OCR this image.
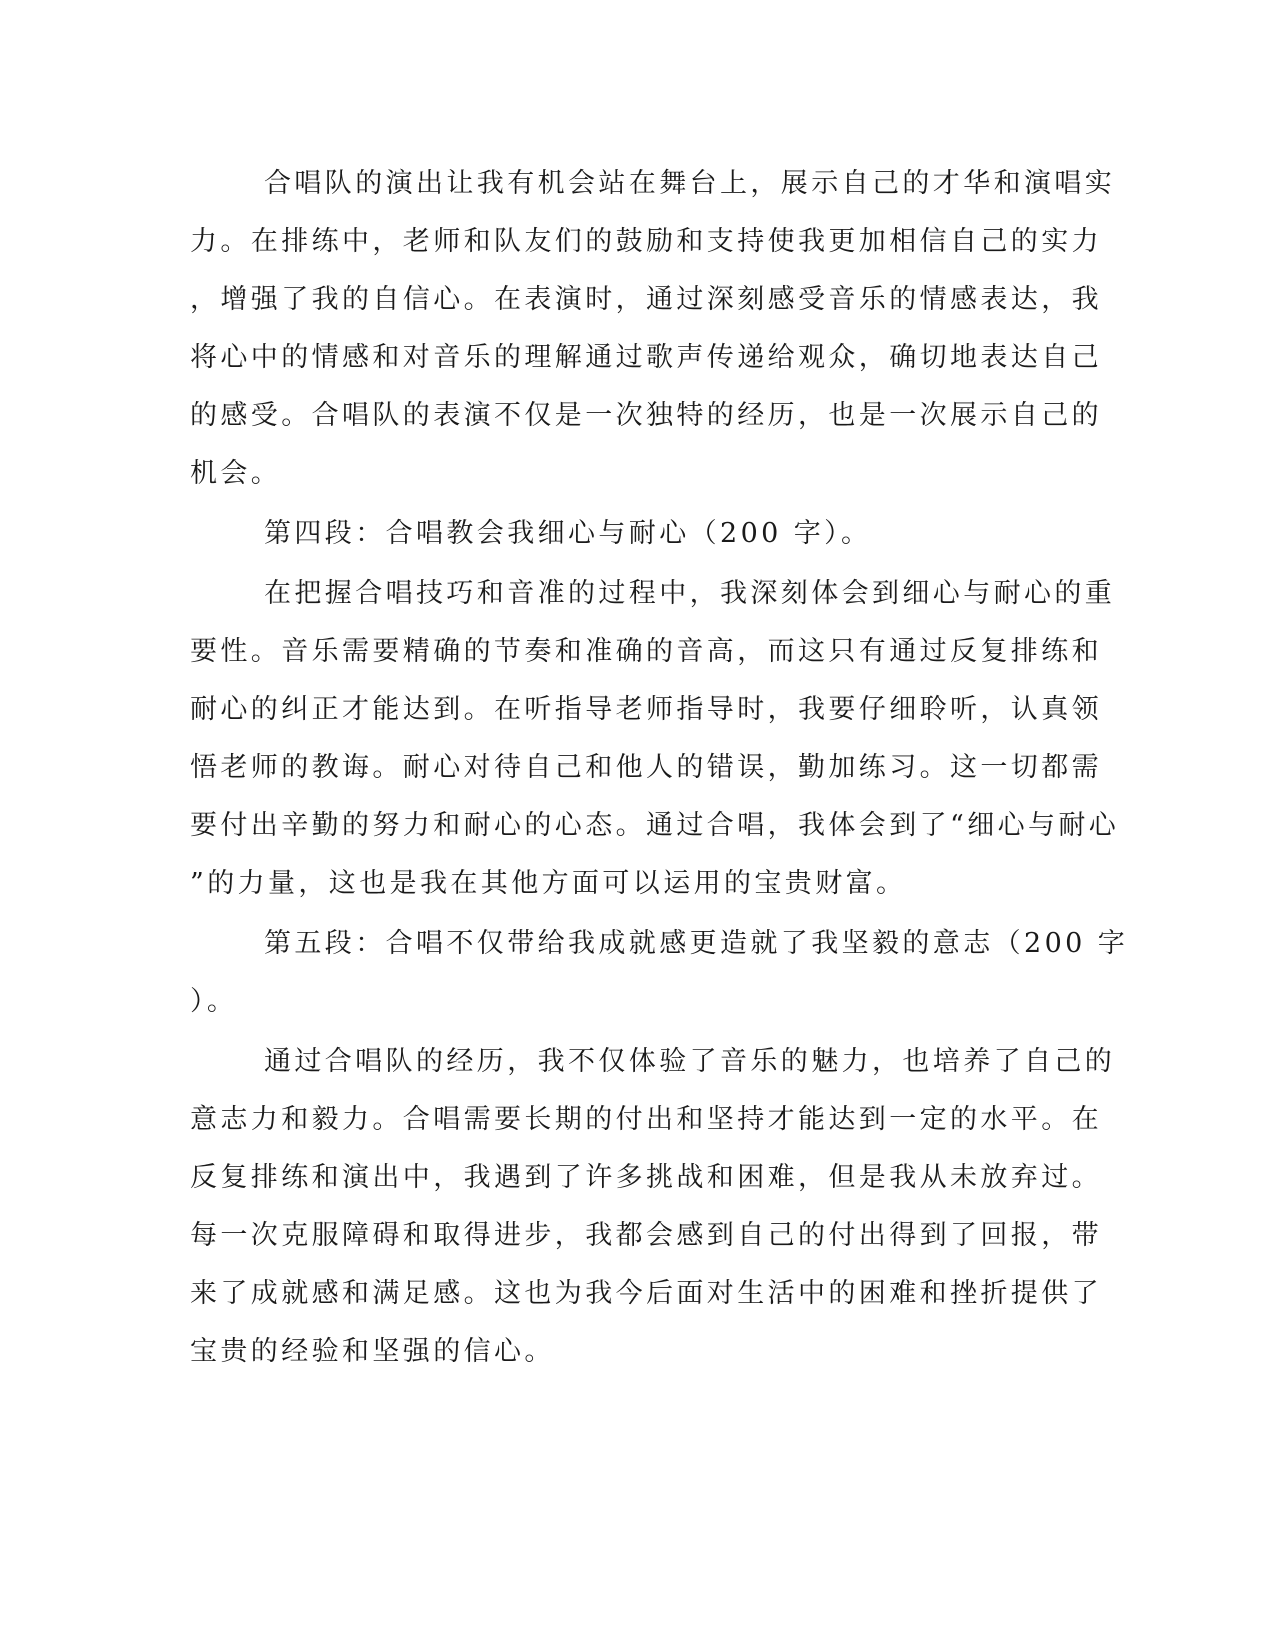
合唱队的演出让我有机会站在舞台上，展示自己的才华和演唱实
力。在排练中，老师和队友们的鼓励和支持使我更加相信自己的实力
，增强了我的自信心。在表演时，通过深刻感受音乐的情感表达，我
将心中的情感和对音乐的理解通过歌声传递给观众，确切地表达自己
的感受。合唱队的表演不仅是一次独特的经历，也是一次展示自己的
机会。
第四段：合唱教会我细心与耐心（200 字）。
在把握合唱技巧和音准的过程中，我深刻体会到细心与耐心的重
要性。音乐需要精确的节奏和准确的音高，而这只有通过反复排练和
耐心的纠正才能达到。在听指导老师指导时，我要仔细聆听，认真领
悟老师的教诲。耐心对待自己和他人的错误，勤加练习。这一切都需
要付出辛勤的努力和耐心的心态。通过合唱，我体会到了“细心与耐心
”的力量，这也是我在其他方面可以运用的宝贵财富。
第五段：合唱不仅带给我成就感更造就了我坚毅的意志（200 字
）。
通过合唱队的经历，我不仅体验了音乐的魅力，也培养了自己的
意志力和毅力。合唱需要长期的付出和坚持才能达到一定的水平。在
反复排练和演出中，我遇到了许多挑战和困难，但是我从未放弃过。
每一次克服障碍和取得进步，我都会感到自己的付出得到了回报，带
来了成就感和满足感。这也为我今后面对生活中的困难和挫折提供了
宝贵的经验和坚强的信心。
